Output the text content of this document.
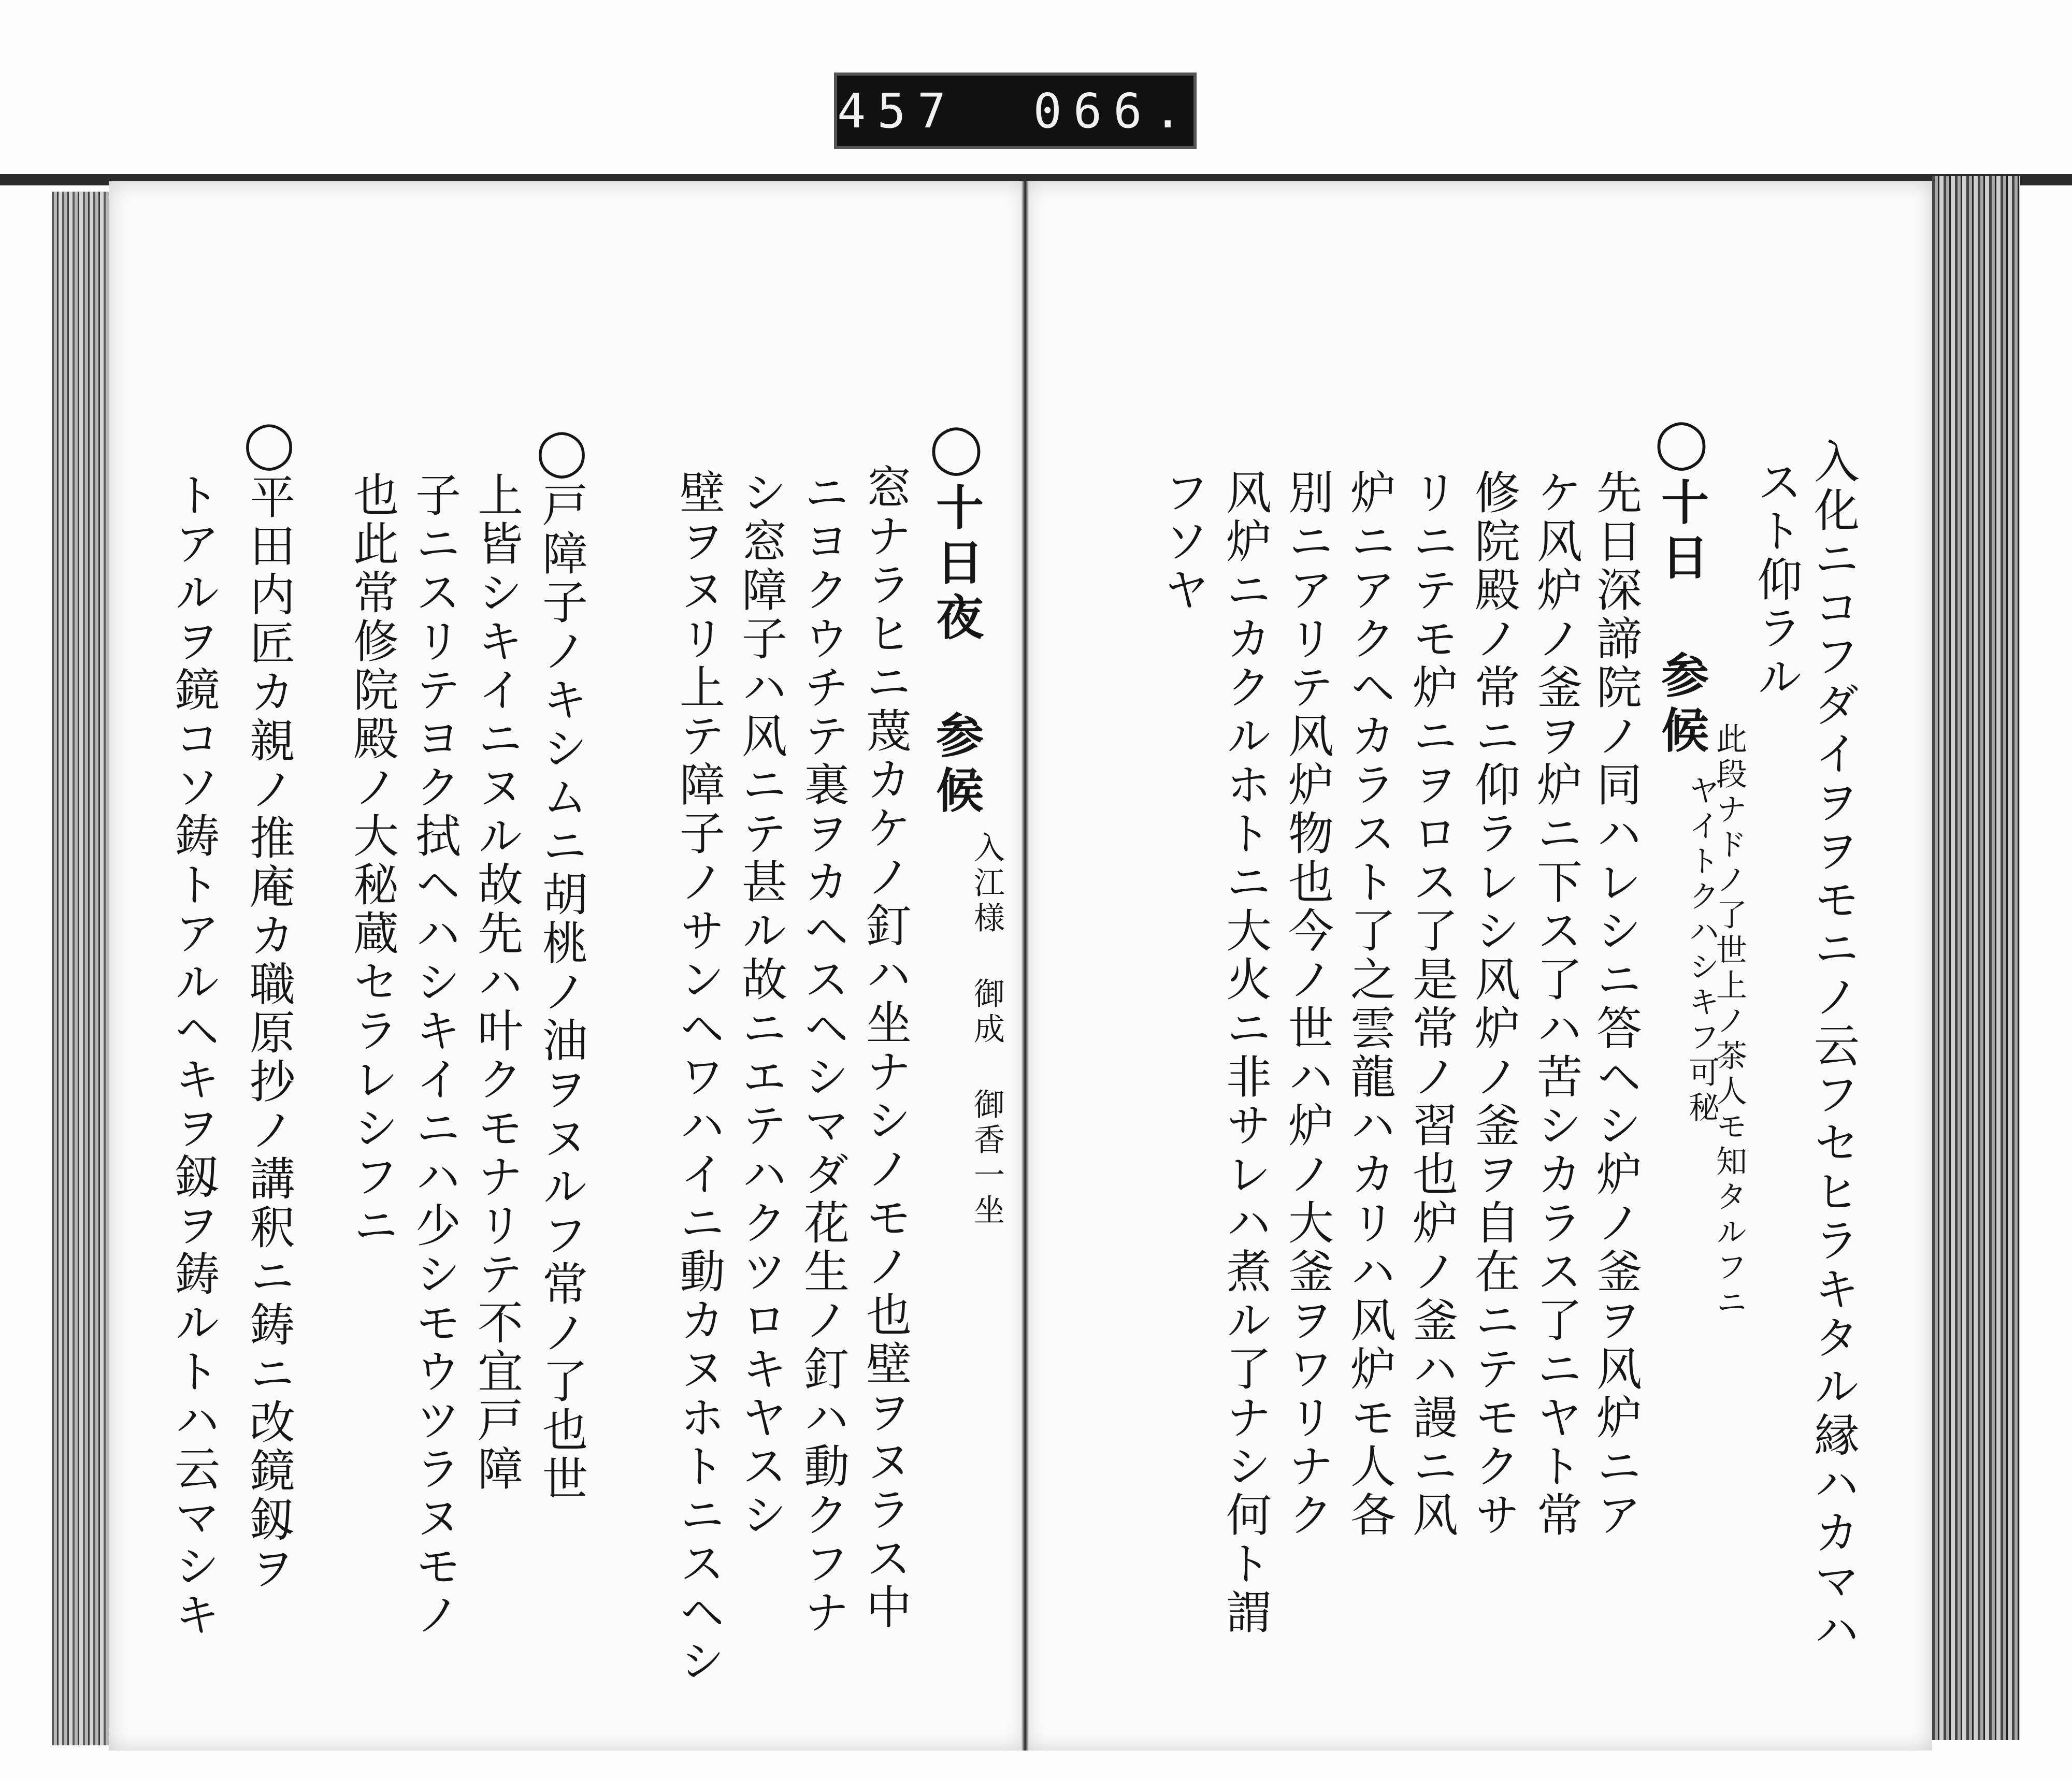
457 066.
入化ニコフダイヲヲモニノ云フセヒラキタル縁ハカマハ
スト仰ラル
此段ナドノ了世上ノ茶人モ知タルフニ
ヤイトクハシキフ可秘
◯十日 参候
先日深諦院ノ同ハレシニ答ヘシ炉ノ釜ヲ风炉ニア
ケ风炉ノ釜ヲ炉ニ下ス了ハ苦シカラス了ニヤト常
修院殿ノ常ニ仰ラレシ风炉ノ釜ヲ自在ニテモクサ
リニテモ炉ニヲロス了是常ノ習也炉ノ釜ハ謾ニ风
炉ニアクヘカラスト了之雲龍ハカリハ风炉モ人各
別ニアリテ风炉物也今ノ世ハ炉ノ大釜ヲワリナク
风炉ニカクルホトニ大火ニ非サレハ煮ル了ナシ何ト謂
フソヤ
◯十日夜 参候
入江様 御成 御香一坐
窓ナラヒニ蔑カケノ釘ハ坐ナシノモノ也壁ヲヌラス中
ニヨクウチテ裏ヲカヘスヘシマダ花生ノ釘ハ動クフナ
シ窓障子ハ风ニテ甚ル故ニエテハクツロキヤスシ
壁ヲヌリ上テ障子ノサンヘワハイニ動カヌホトニスヘシ
◯戸障子ノキシムニ胡桃ノ油ヲヌルフ常ノ了也世
上皆シキイニヌル故先ハ叶クモナリテ不宜戸障
子ニスリテヨク拭ヘハシキイニハ少シモウツラヌモノ
也此常修院殿ノ大秘蔵セラレシフニ
◯平田内匠カ親ノ推庵カ職原抄ノ講釈ニ鋳ニ改鏡釼ヲ
トアルヲ鏡コソ鋳トアルヘキヲ釼ヲ鋳ルトハ云マシキ
